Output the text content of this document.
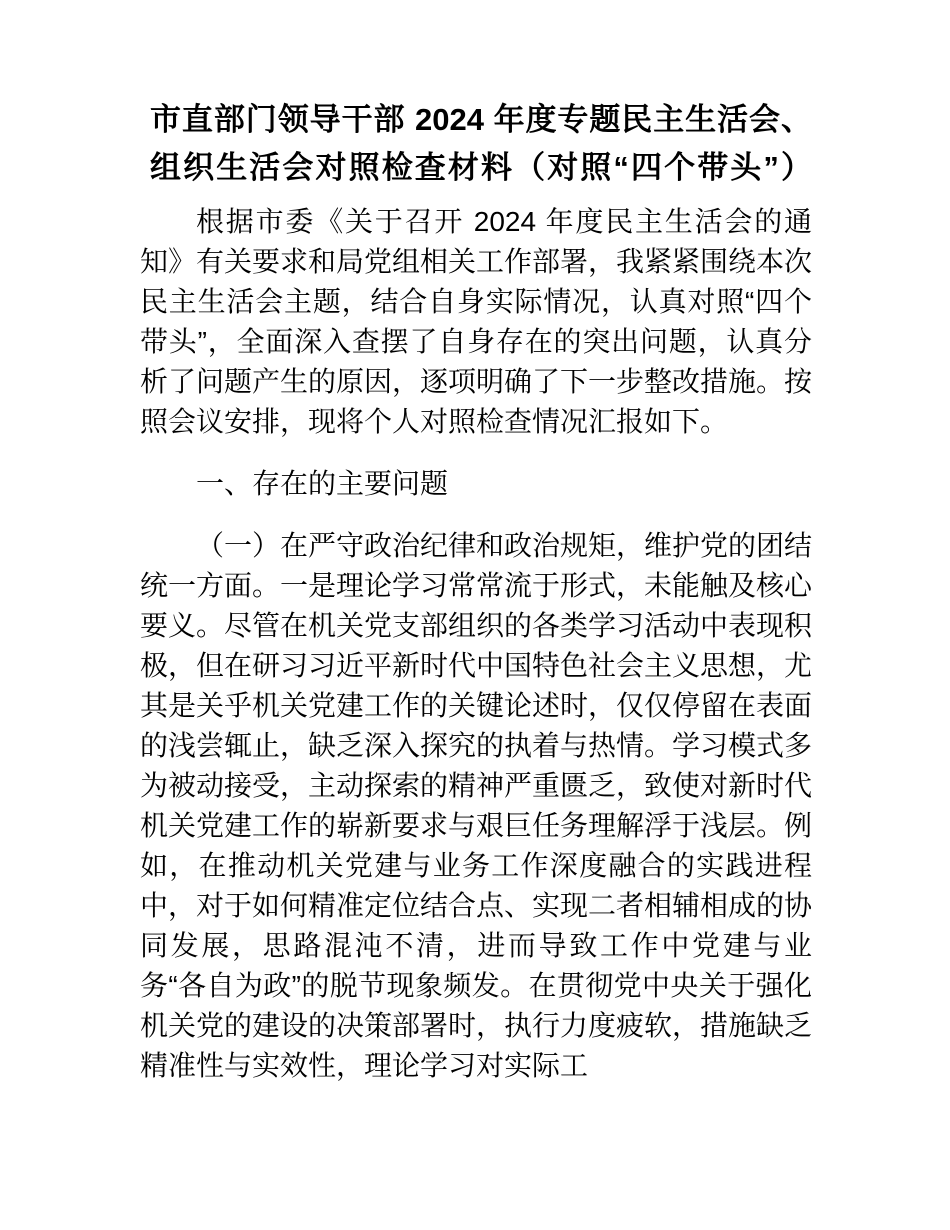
市直部门领导干部 2024 年度专题民主生活会、组织生活会对照检查材料（对照“四个带头”）

根据市委《关于召开 2024 年度民主生活会的通知》有关要求和局党组相关工作部署，我紧紧围绕本次民主生活会主题，结合自身实际情况，认真对照“四个带头”，全面深入查摆了自身存在的突出问题，认真分析了问题产生的原因，逐项明确了下一步整改措施。按照会议安排，现将个人对照检查情况汇报如下。

一、存在的主要问题

（一）在严守政治纪律和政治规矩，维护党的团结统一方面。一是理论学习常常流于形式，未能触及核心要义。尽管在机关党支部组织的各类学习活动中表现积极，但在研习习近平新时代中国特色社会主义思想，尤其是关乎机关党建工作的关键论述时，仅仅停留在表面的浅尝辄止，缺乏深入探究的执着与热情。学习模式多为被动接受，主动探索的精神严重匮乏，致使对新时代机关党建工作的崭新要求与艰巨任务理解浮于浅层。例如，在推动机关党建与业务工作深度融合的实践进程中，对于如何精准定位结合点、实现二者相辅相成的协同发展，思路混沌不清，进而导致工作中党建与业务“各自为政”的脱节现象频发。在贯彻党中央关于强化机关党的建设的决策部署时，执行力度疲软，措施缺乏精准性与实效性，理论学习对实际工
